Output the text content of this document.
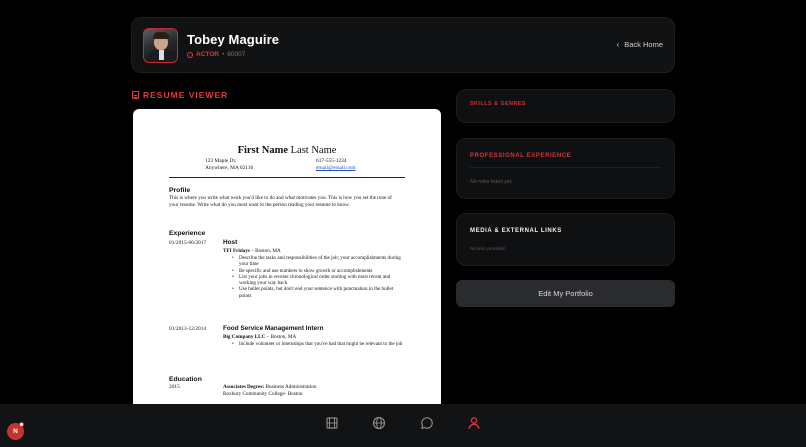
Tobey Maguire
ACTOR • 60007
‹ Back Home
RESUME VIEWER
First Name Last Name
123 Maple Dr.
Anywhere, MA 02116
617-555-1234
email@email.com
Profile
This is where you write what work you'd like to do and what motivates you. This is how you set the tone of your resume. Write what do you most want to the person reading your resume to know.
Experience
01/2015-06/2017	Host
TFI Fridays – Boston, MA
• Describe the tasks and responsibilities of the job; your accomplishments during your time
• Be specific and use numbers to show growth or accomplishments
• List your jobs in reverse chronological order starting with most recent and working your way back
• Use bullet points, but don't end your sentence with punctuation in the bullet points
01/2013-12/2014	Food Service Management Intern
Big Company LLC – Boston, MA
• Include volunteer or internships that you've had that might be relevant to the job
Education
2015	Associates Degree: Business Administration
Roxbury Community College- Boston
SKILLS & GENRES
PROFESSIONAL EXPERIENCE
No roles listed yet.
MEDIA & EXTERNAL LINKS
No links provided.
Edit My Portfolio
N
